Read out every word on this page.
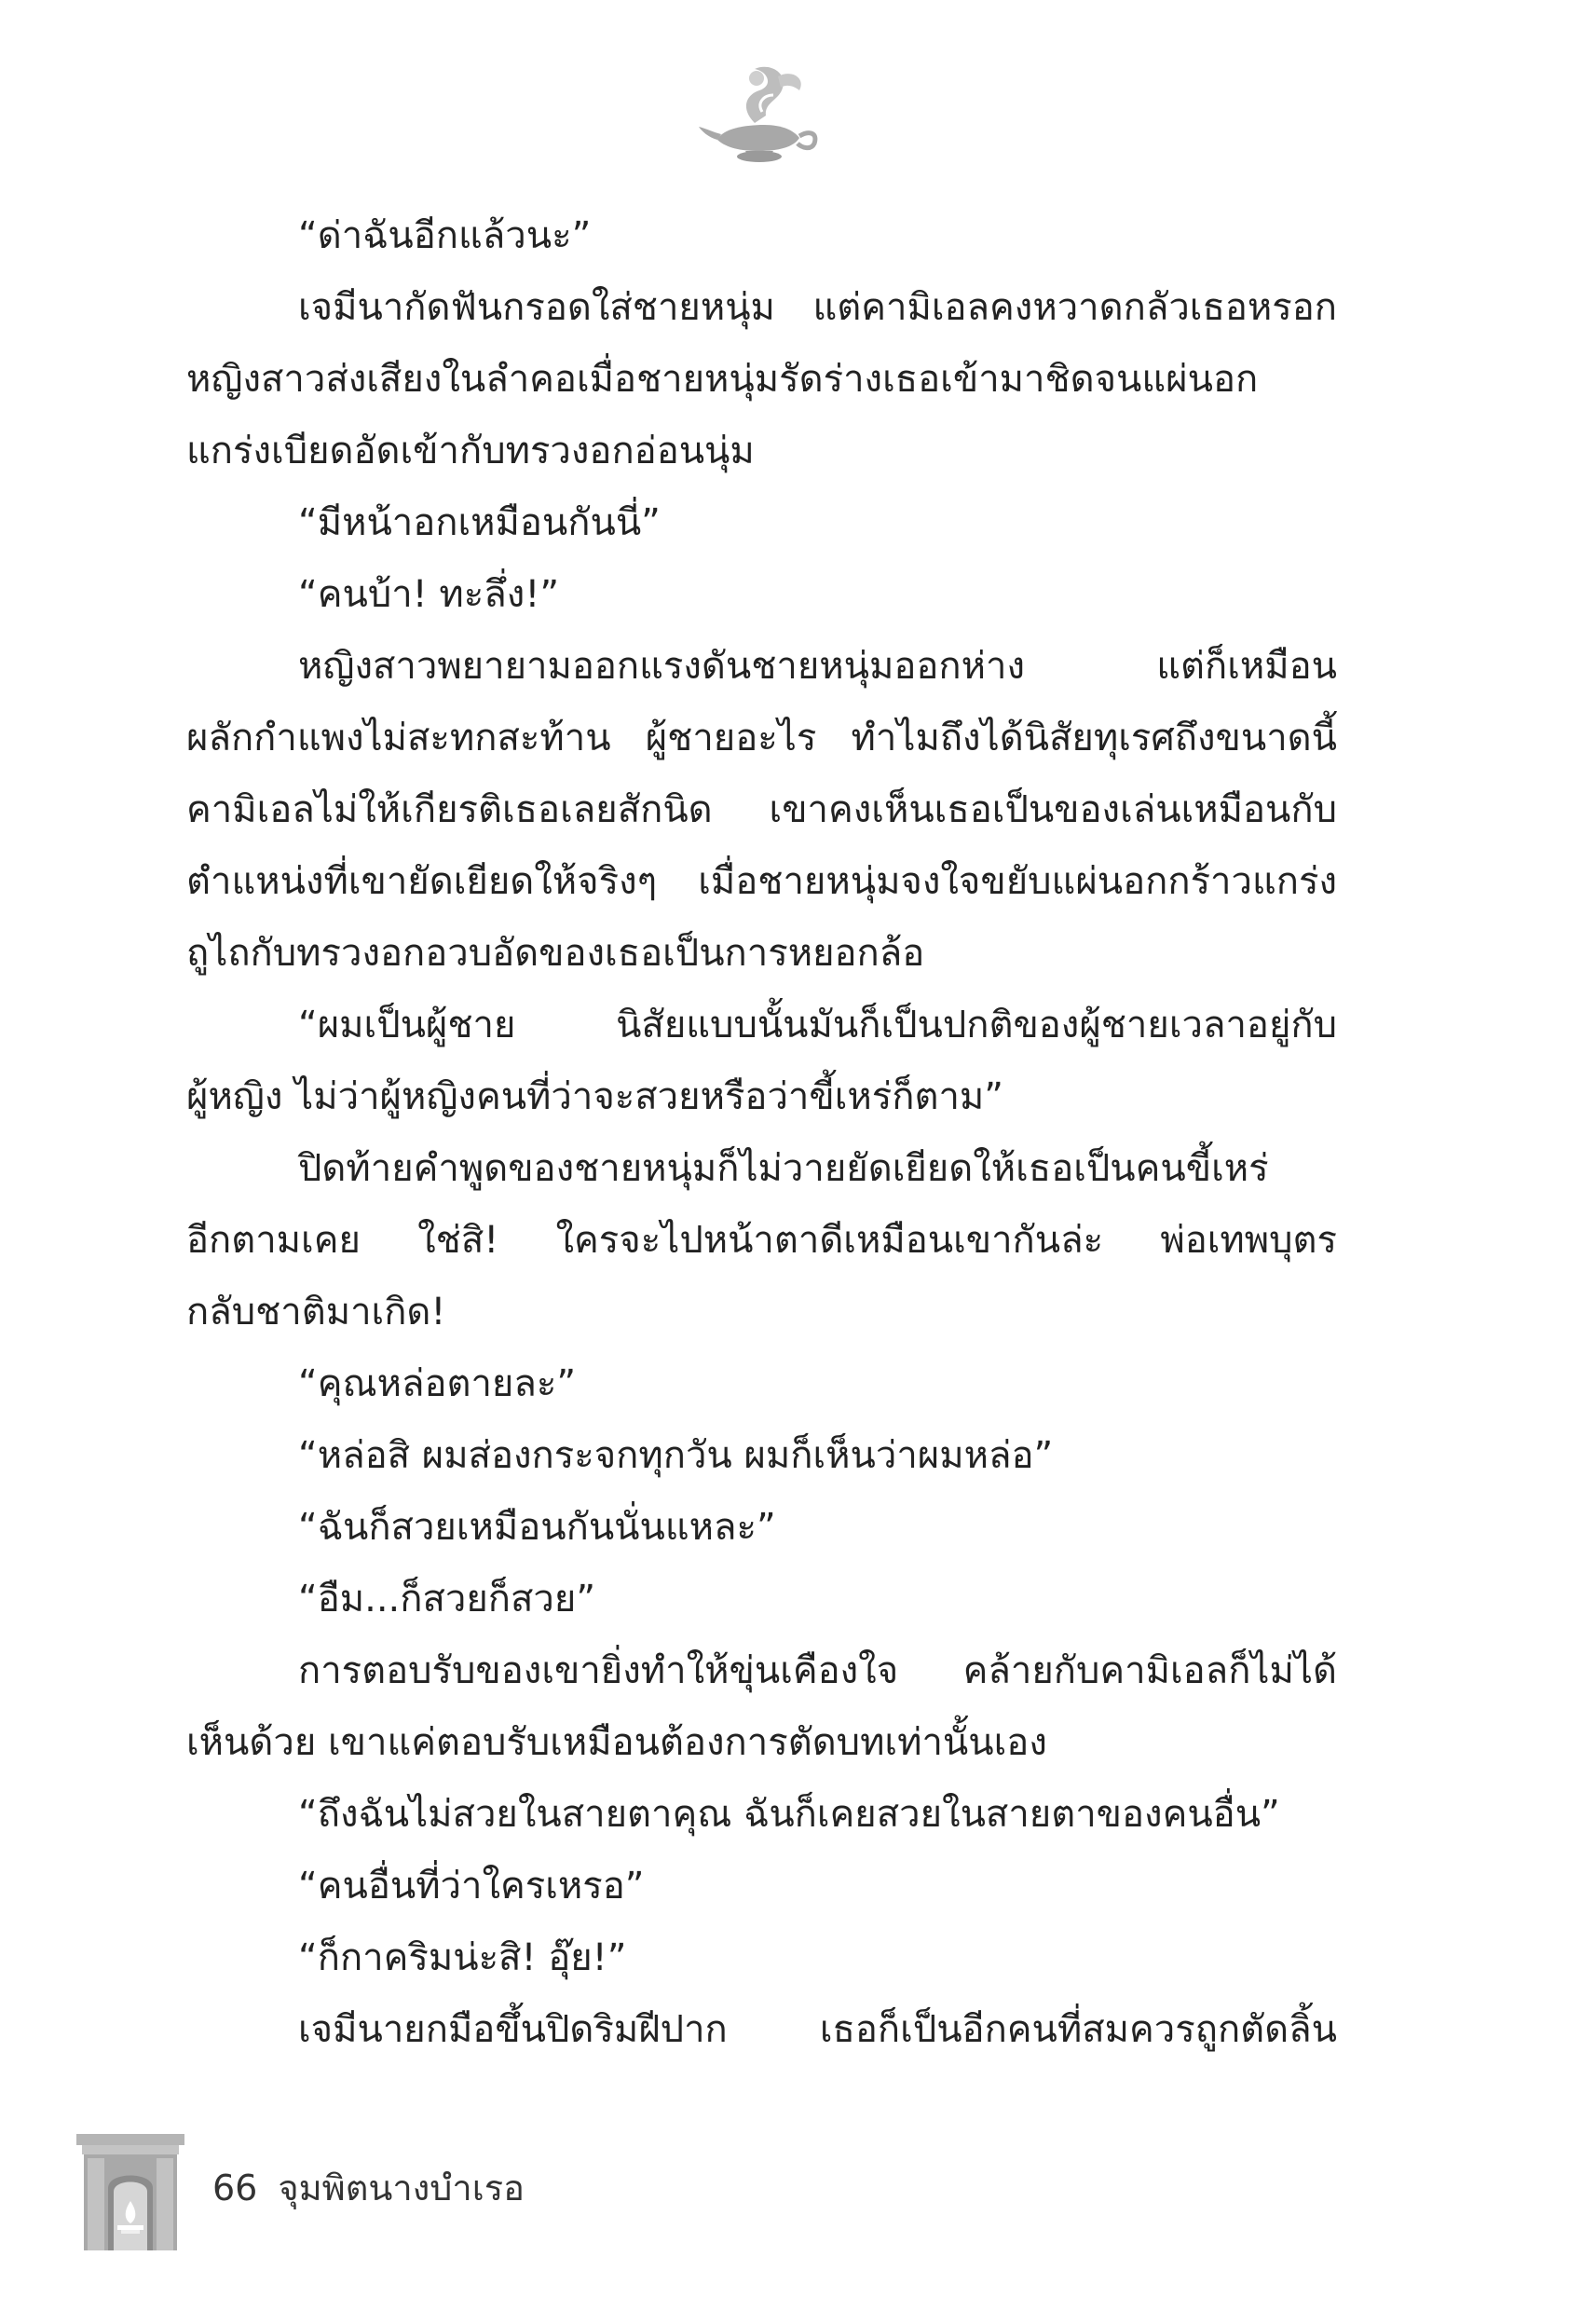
“ด่าฉันอีกแล้วนะ”
เจมีนากัดฟันกรอดใส่ชายหนุ่ม แต่คามิเอลคงหวาดกลัวเธอหรอก
หญิงสาวส่งเสียงในลำคอเมื่อชายหนุ่มรัดร่างเธอเข้ามาชิดจนแผ่นอก
แกร่งเบียดอัดเข้ากับทรวงอกอ่อนนุ่ม
“มีหน้าอกเหมือนกันนี่”
“คนบ้า! ทะลึ่ง!”
หญิงสาวพยายามออกแรงดันชายหนุ่มออกห่าง แต่ก็เหมือน
ผลักกำแพงไม่สะทกสะท้าน ผู้ชายอะไร ทำไมถึงได้นิสัยทุเรศถึงขนาดนี้
คามิเอลไม่ให้เกียรติเธอเลยสักนิด เขาคงเห็นเธอเป็นของเล่นเหมือนกับ
ตำแหน่งที่เขายัดเยียดให้จริงๆ เมื่อชายหนุ่มจงใจขยับแผ่นอกกร้าวแกร่ง
ถูไถกับทรวงอกอวบอัดของเธอเป็นการหยอกล้อ
“ผมเป็นผู้ชาย นิสัยแบบนั้นมันก็เป็นปกติของผู้ชายเวลาอยู่กับ
ผู้หญิง ไม่ว่าผู้หญิงคนที่ว่าจะสวยหรือว่าขี้เหร่ก็ตาม”
ปิดท้ายคำพูดของชายหนุ่มก็ไม่วายยัดเยียดให้เธอเป็นคนขี้เหร่
อีกตามเคย ใช่สิ! ใครจะไปหน้าตาดีเหมือนเขากันล่ะ พ่อเทพบุตร
กลับชาติมาเกิด!
“คุณหล่อตายละ”
“หล่อสิ ผมส่องกระจกทุกวัน ผมก็เห็นว่าผมหล่อ”
“ฉันก็สวยเหมือนกันนั่นแหละ”
“อืม...ก็สวยก็สวย”
การตอบรับของเขายิ่งทำให้ขุ่นเคืองใจ คล้ายกับคามิเอลก็ไม่ได้
เห็นด้วย เขาแค่ตอบรับเหมือนต้องการตัดบทเท่านั้นเอง
“ถึงฉันไม่สวยในสายตาคุณ ฉันก็เคยสวยในสายตาของคนอื่น”
“คนอื่นที่ว่าใครเหรอ”
“ก็กาคริมน่ะสิ! อุ๊ย!”
เจมีนายกมือขึ้นปิดริมฝีปาก เธอก็เป็นอีกคนที่สมควรถูกตัดลิ้น
66 จุมพิตนางบำเรอ
